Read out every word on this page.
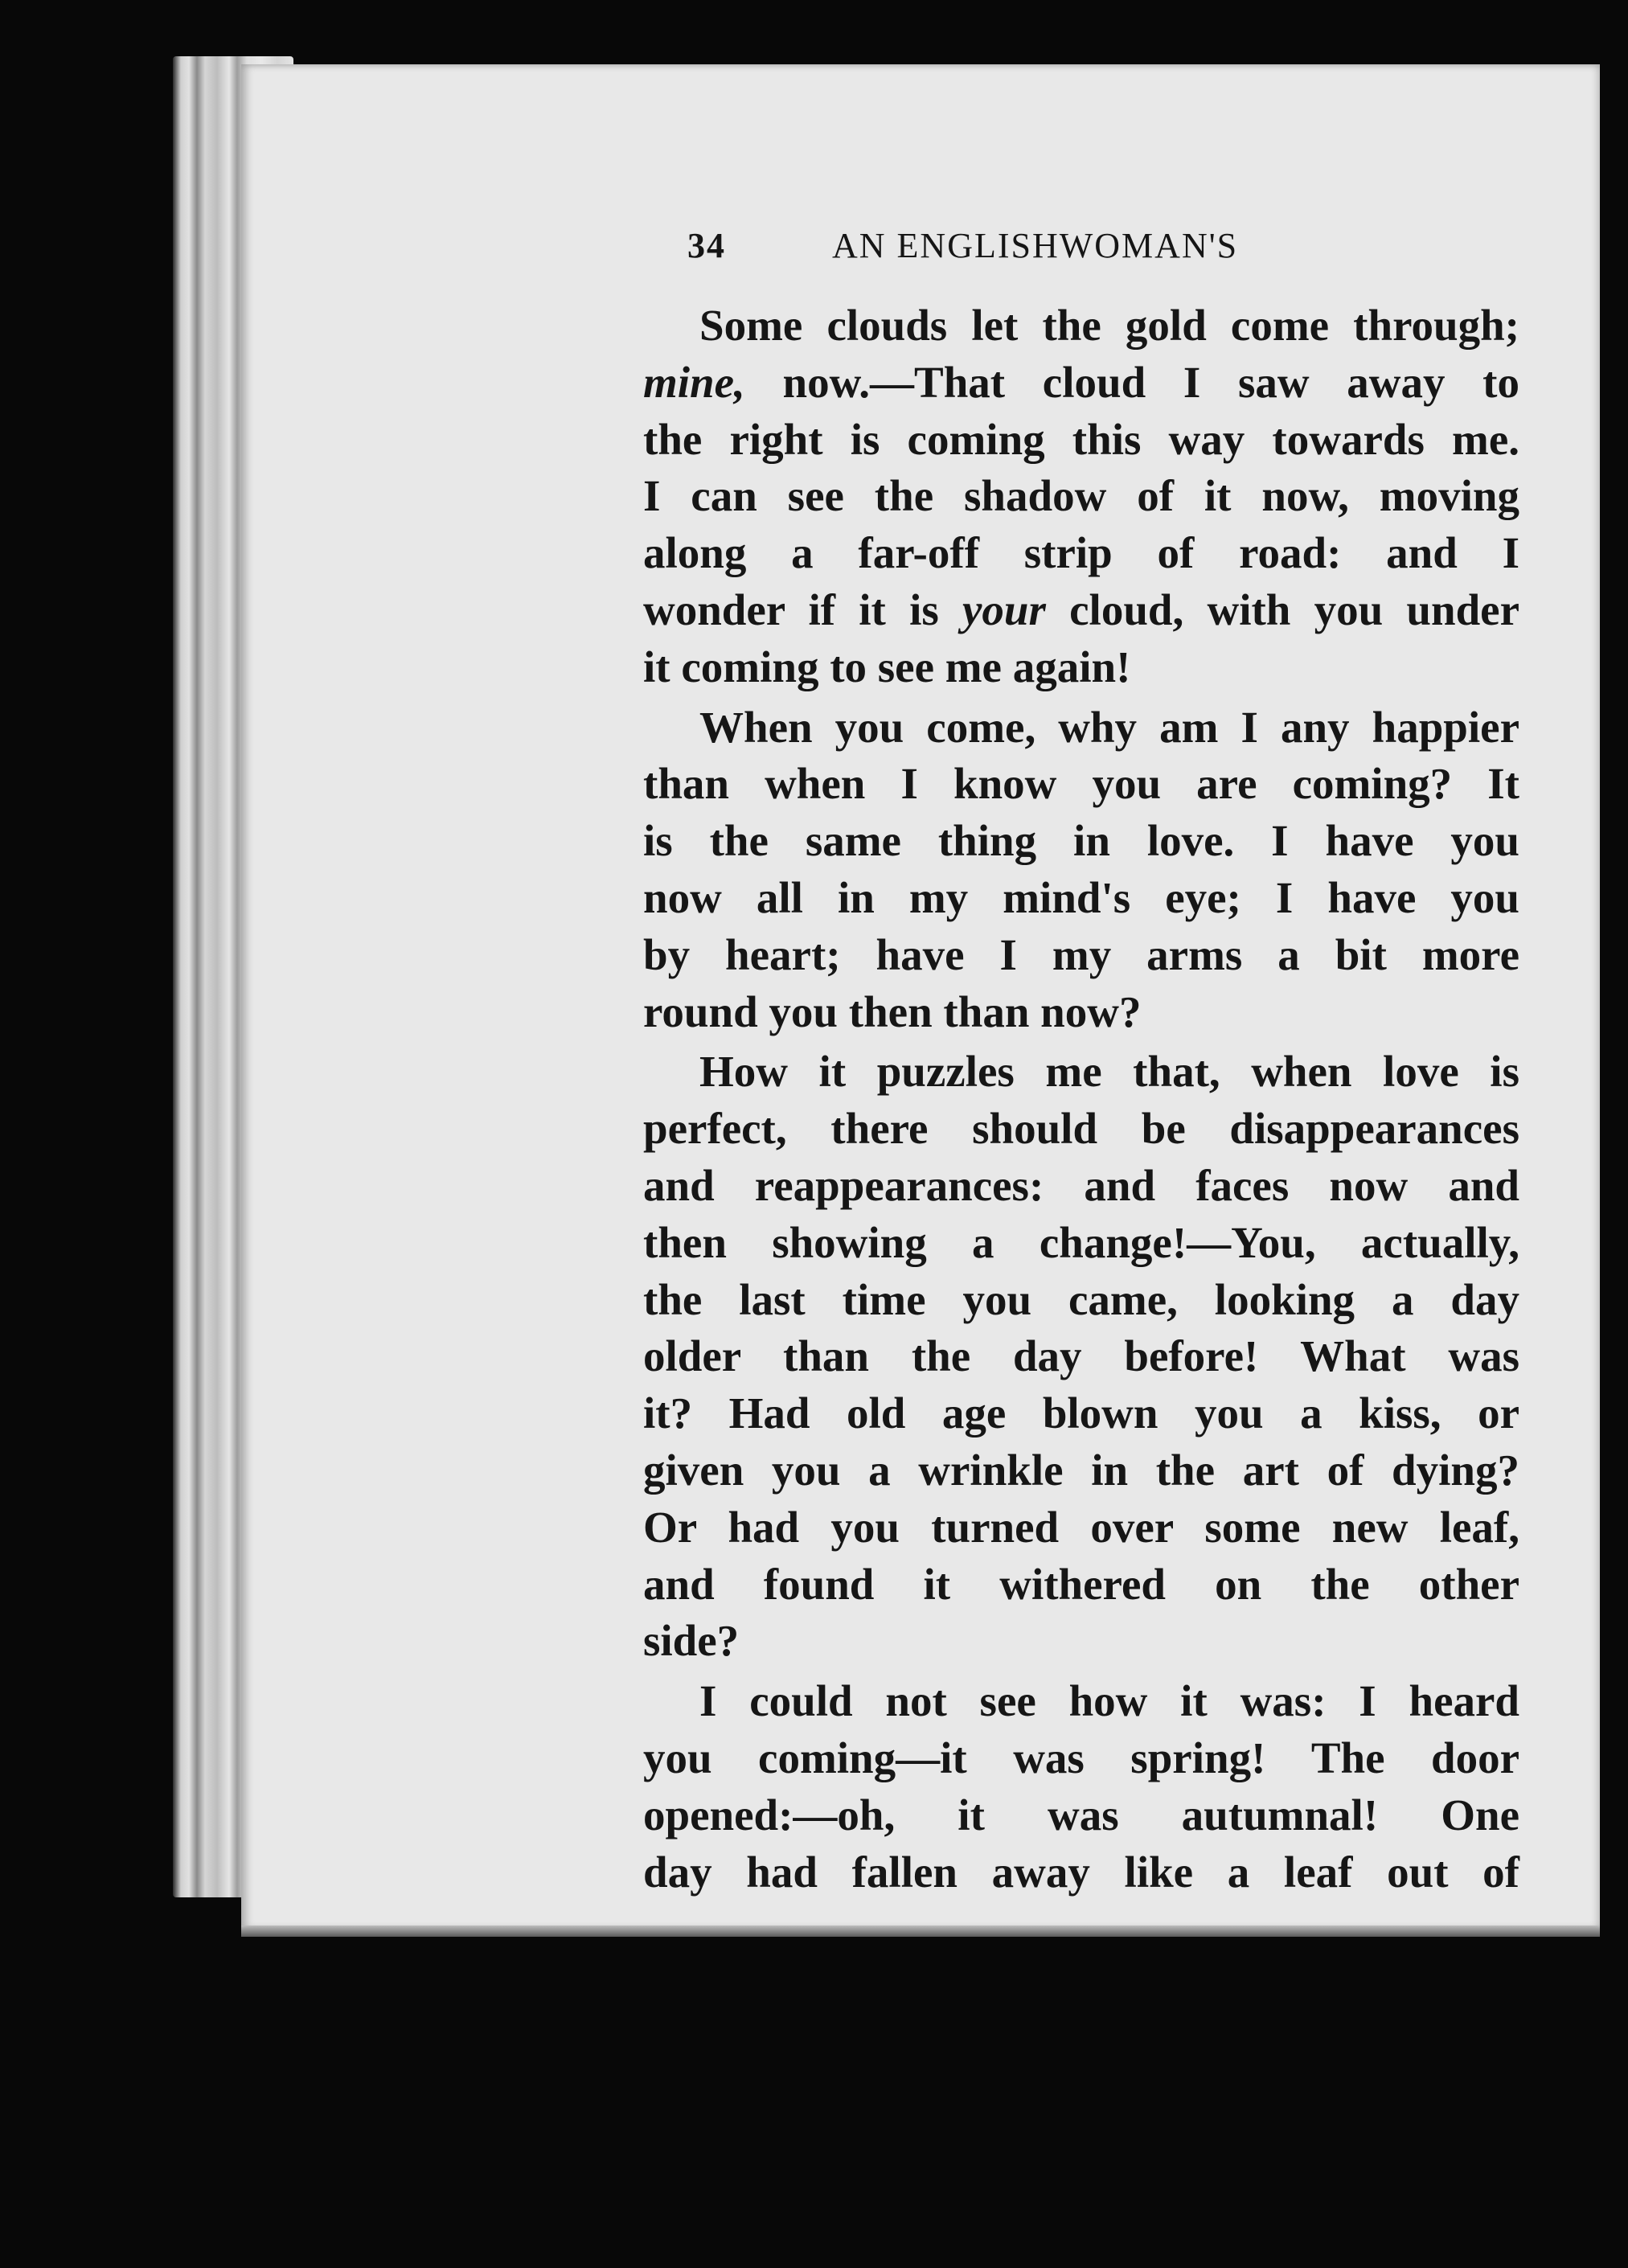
34	AN ENGLISHWOMAN'S
Some clouds let the gold come through;
mine, now.—That cloud I saw away to
the right is coming this way towards me.
I can see the shadow of it now, moving
along a far-off strip of road: and I
wonder if it is your cloud, with you under
it coming to see me again!
When you come, why am I any happier
than when I know you are coming? It
is the same thing in love. I have you
now all in my mind's eye; I have you
by heart; have I my arms a bit more
round you then than now?
How it puzzles me that, when love is
perfect, there should be disappearances
and reappearances: and faces now and
then showing a change!—You, actually,
the last time you came, looking a day
older than the day before! What was
it? Had old age blown you a kiss, or
given you a wrinkle in the art of dying?
Or had you turned over some new leaf,
and found it withered on the other
side?
I could not see how it was: I heard
you coming—it was spring! The door
opened:—oh, it was autumnal! One
day had fallen away like a leaf out of
